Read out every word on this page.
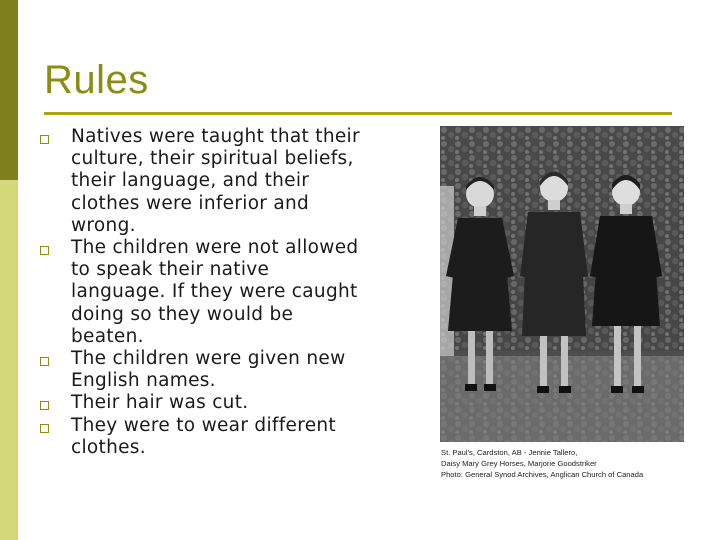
Rules
Natives were taught that their culture, their spiritual beliefs, their language, and their clothes were inferior and wrong.
The children were not allowed to speak their native language. If they were caught doing so they would be beaten.
The children were given new English names.
Their hair was cut.
They were to wear different clothes.	St. Paul's, Cardston, AB - Jennie Tallero,
Daisy Mary Grey Horses, Marjorie Goodstriker
Photo: General Synod Archives, Anglican Church of Canada
